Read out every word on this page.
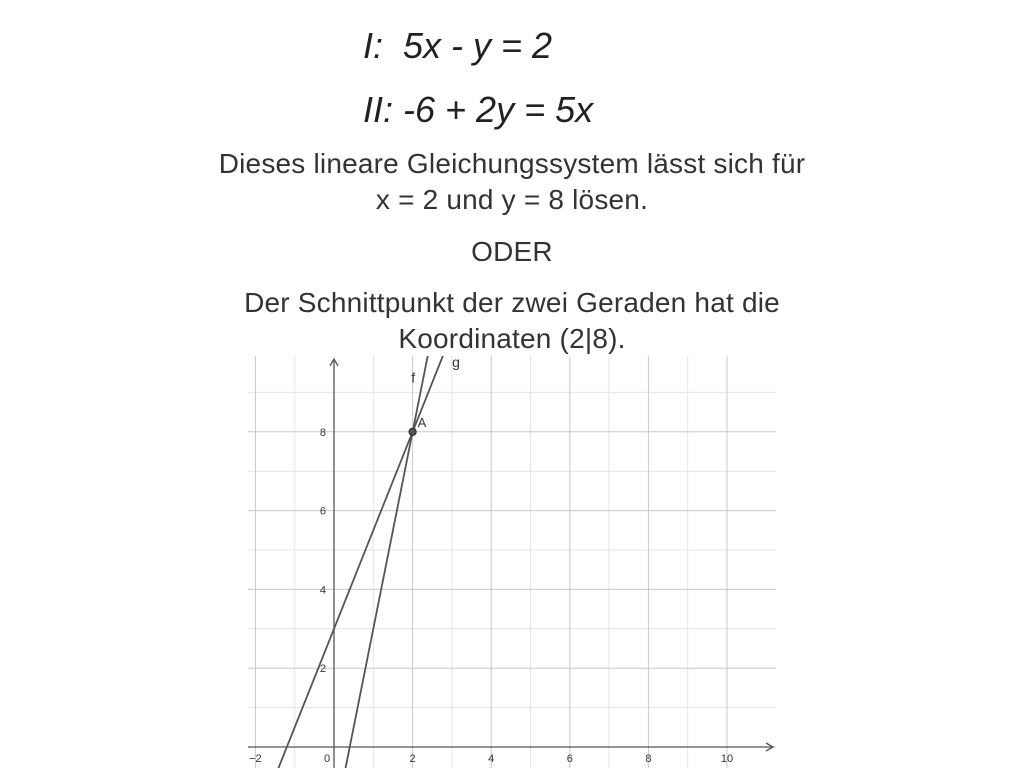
I:  5x - y = 2
II: -6 + 2y = 5x
Dieses lineare Gleichungssystem lässt sich für
x = 2 und y = 8 lösen.
ODER
Der Schnittpunkt der zwei Geraden hat die
Koordinaten (2|8).
−2	0	2	4	6	8	10
2
4
6
8
f
g
A
